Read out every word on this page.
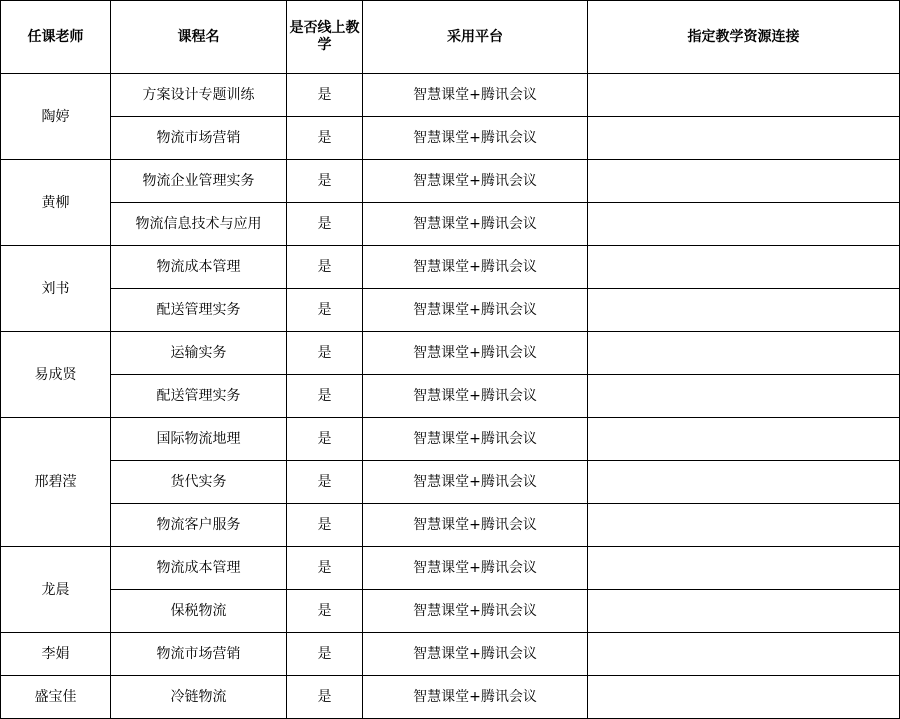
任课老师	课程名	是否线上教学	采用平台	指定教学资源连接
陶婷	方案设计专题训练	是	智慧课堂+腾讯会议	
	物流市场营销	是	智慧课堂+腾讯会议	
黄柳	物流企业管理实务	是	智慧课堂+腾讯会议	
	物流信息技术与应用	是	智慧课堂+腾讯会议	
刘书	物流成本管理	是	智慧课堂+腾讯会议	
	配送管理实务	是	智慧课堂+腾讯会议	
易成贤	运输实务	是	智慧课堂+腾讯会议	
	配送管理实务	是	智慧课堂+腾讯会议	
邢碧滢	国际物流地理	是	智慧课堂+腾讯会议	
	货代实务	是	智慧课堂+腾讯会议	
	物流客户服务	是	智慧课堂+腾讯会议	
龙晨	物流成本管理	是	智慧课堂+腾讯会议	
	保税物流	是	智慧课堂+腾讯会议	
李娟	物流市场营销	是	智慧课堂+腾讯会议	
盛宝佳	冷链物流	是	智慧课堂+腾讯会议	
